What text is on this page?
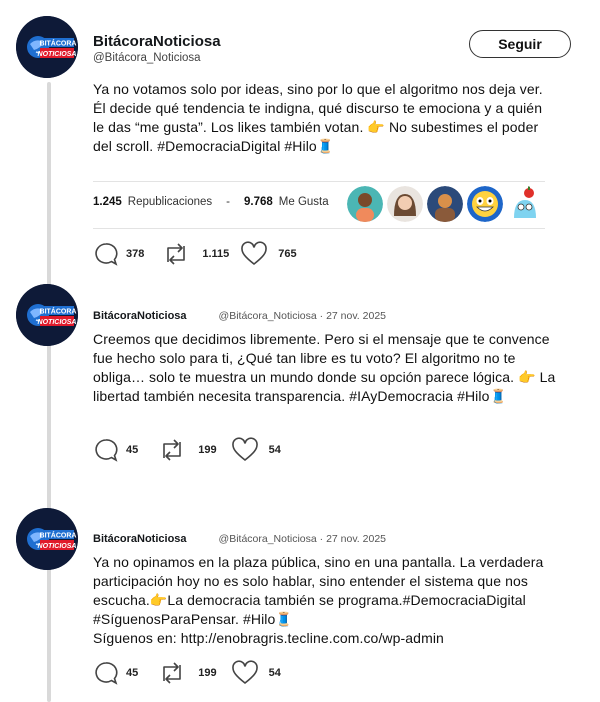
BITÁCORA
NOTICIOSA
BitácoraNoticiosa
@Bitácora_Noticiosa
Seguir
Ya no votamos solo por ideas, sino por lo que el algoritmo nos deja ver.
Él decide qué tendencia te indigna, qué discurso te emociona y a quién
le das “me gusta”. Los likes también votan. 👉 No subestimes el poder
del scroll. #DemocraciaDigital #Hilo🧵
1.245 Republicaciones - 9.768 Me Gusta
378	1.115	765
BITÁCORA
NOTICIOSA
BitácoraNoticiosa	@Bitácora_Noticiosa · 27 nov. 2025
Creemos que decidimos libremente. Pero si el mensaje que te convence
fue hecho solo para ti, ¿Qué tan libre es tu voto? El algoritmo no te
obliga… solo te muestra un mundo donde su opción parece lógica. 👉 La
libertad también necesita transparencia. #IAyDemocracia #Hilo🧵
45	199	54
BITÁCORA
NOTICIOSA
BitácoraNoticiosa	@Bitácora_Noticiosa · 27 nov. 2025
Ya no opinamos en la plaza pública, sino en una pantalla. La verdadera
participación hoy no es solo hablar, sino entender el sistema que nos
escucha.👉La democracia también se programa.#DemocraciaDigital
#SíguenosParaPensar. #Hilo🧵
Síguenos en: http://enobragris.tecline.com.co/wp-admin
45	199	54
